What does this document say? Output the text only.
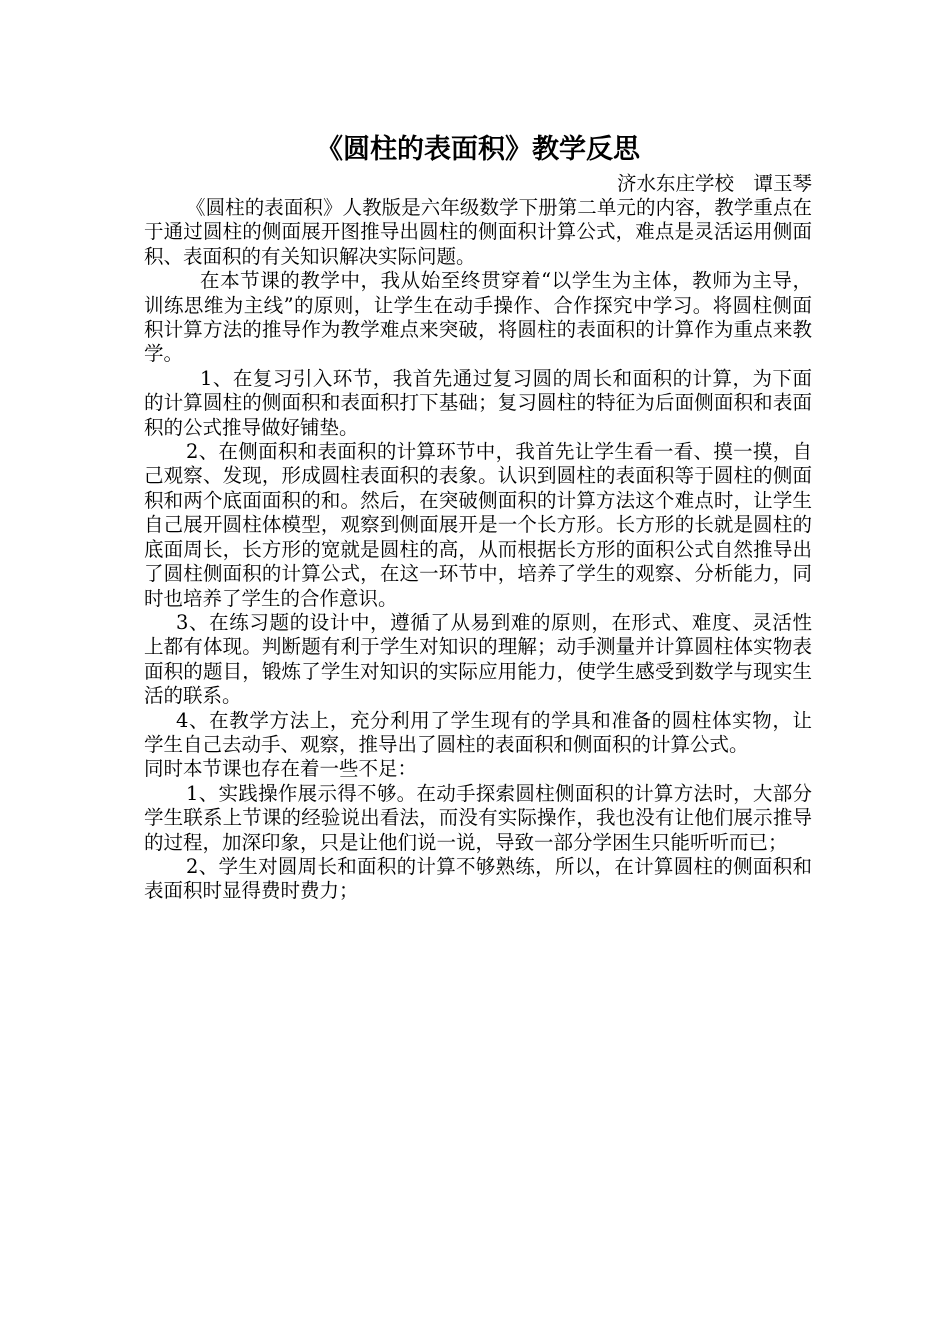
《圆柱的表面积》教学反思

济水东庄学校　谭玉琴

《圆柱的表面积》人教版是六年级数学下册第二单元的内容，教学重点在于通过圆柱的侧面展开图推导出圆柱的侧面积计算公式，难点是灵活运用侧面积、表面积的有关知识解决实际问题。

在本节课的教学中，我从始至终贯穿着“以学生为主体，教师为主导，训练思维为主线”的原则，让学生在动手操作、合作探究中学习。将圆柱侧面积计算方法的推导作为教学难点来突破，将圆柱的表面积的计算作为重点来教学。

1、在复习引入环节，我首先通过复习圆的周长和面积的计算，为下面的计算圆柱的侧面积和表面积打下基础；复习圆柱的特征为后面侧面积和表面积的公式推导做好铺垫。

2、在侧面积和表面积的计算环节中，我首先让学生看一看、摸一摸，自己观察、发现，形成圆柱表面积的表象。认识到圆柱的表面积等于圆柱的侧面积和两个底面面积的和。然后，在突破侧面积的计算方法这个难点时，让学生自己展开圆柱体模型，观察到侧面展开是一个长方形。长方形的长就是圆柱的底面周长，长方形的宽就是圆柱的高，从而根据长方形的面积公式自然推导出了圆柱侧面积的计算公式，在这一环节中，培养了学生的观察、分析能力，同时也培养了学生的合作意识。

3、在练习题的设计中，遵循了从易到难的原则，在形式、难度、灵活性上都有体现。判断题有利于学生对知识的理解；动手测量并计算圆柱体实物表面积的题目，锻炼了学生对知识的实际应用能力，使学生感受到数学与现实生活的联系。

4、在教学方法上，充分利用了学生现有的学具和准备的圆柱体实物，让学生自己去动手、观察，推导出了圆柱的表面积和侧面积的计算公式。

同时本节课也存在着一些不足：

1、实践操作展示得不够。在动手探索圆柱侧面积的计算方法时，大部分学生联系上节课的经验说出看法，而没有实际操作，我也没有让他们展示推导的过程，加深印象，只是让他们说一说，导致一部分学困生只能听听而已；

2、学生对圆周长和面积的计算不够熟练，所以，在计算圆柱的侧面积和表面积时显得费时费力；
